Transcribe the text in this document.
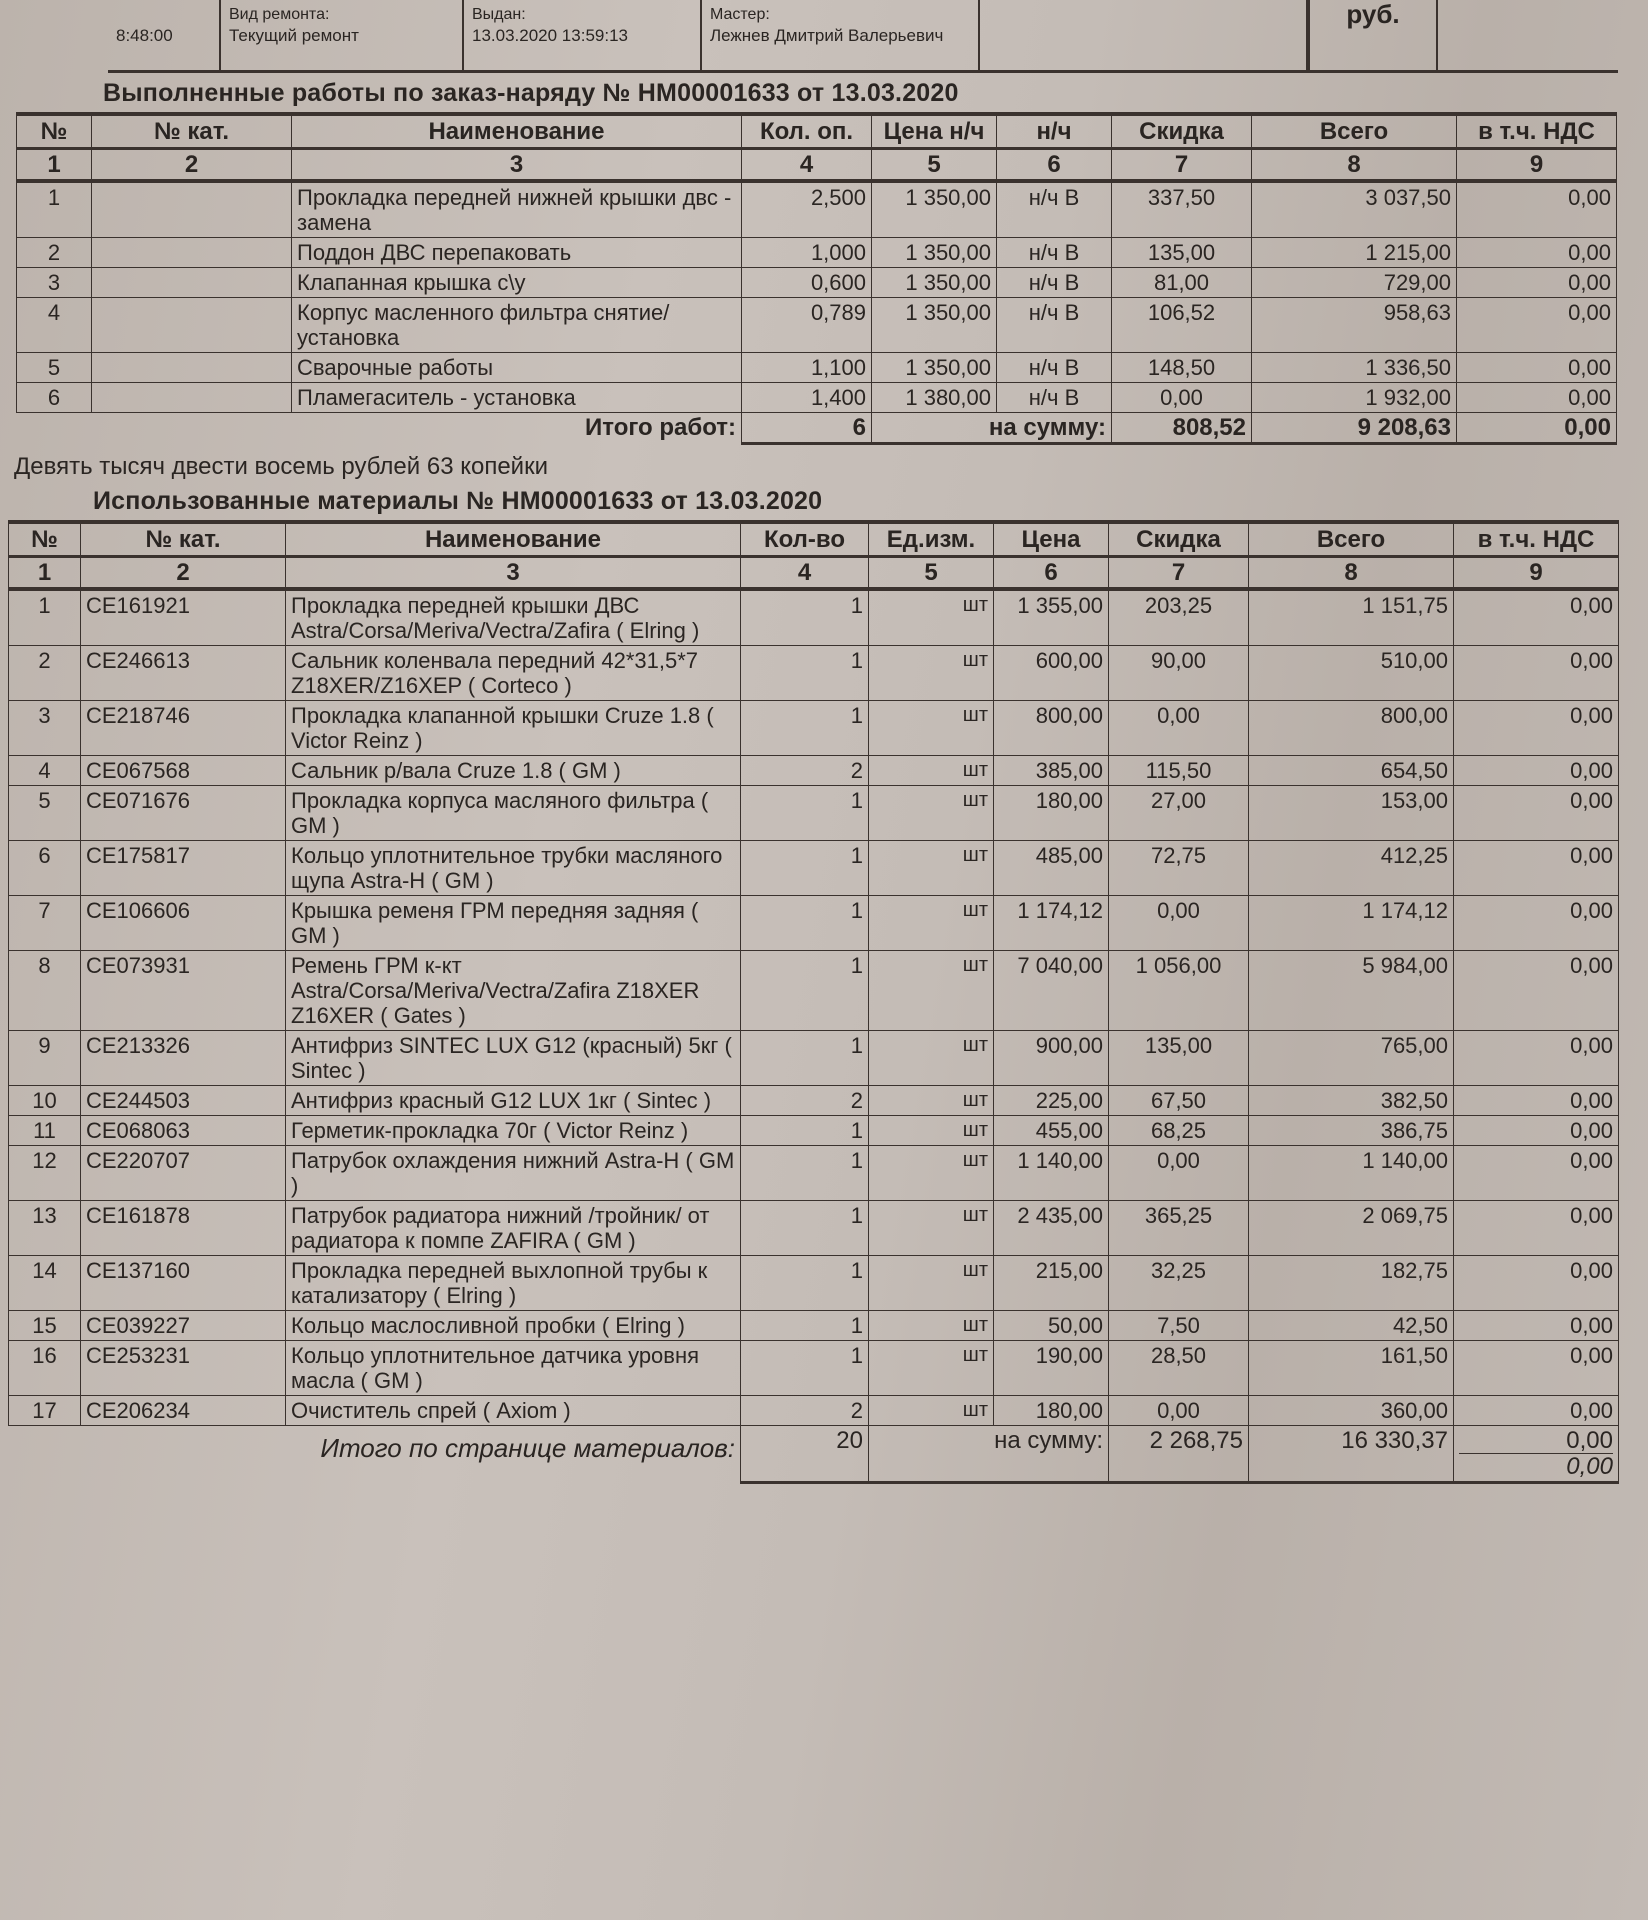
8:48:00
Вид ремонта:
Текущий ремонт
Выдан:
13.03.2020 13:59:13
Мастер:
Лежнев Дмитрий Валерьевич
руб.
Выполненные работы по заказ-наряду № НМ00001633 от 13.03.2020
№	№ кат.	Наименование	Кол. оп.	Цена н/ч	н/ч	Скидка	Всего	в т.ч. НДС
1	2	3	4	5	6	7	8	9
1		Прокладка передней нижней крышки двс - замена	2,500	1 350,00	н/ч В	337,50	3 037,50	0,00
2		Поддон ДВС перепаковать	1,000	1 350,00	н/ч В	135,00	1 215,00	0,00
3		Клапанная крышка с\у	0,600	1 350,00	н/ч В	81,00	729,00	0,00
4		Корпус масленного фильтра снятие/установка	0,789	1 350,00	н/ч В	106,52	958,63	0,00
5		Сварочные работы	1,100	1 350,00	н/ч В	148,50	1 336,50	0,00
6		Пламегаситель - установка	1,400	1 380,00	н/ч В	0,00	1 932,00	0,00
Итого работ:			6	на сумму:		808,52	9 208,63	0,00
Девять тысяч двести восемь рублей 63 копейки
Использованные материалы № НМ00001633 от 13.03.2020
№	№ кат.	Наименование	Кол-во	Ед.изм.	Цена	Скидка	Всего	в т.ч. НДС
1	2	3	4	5	6	7	8	9
1	CE161921	Прокладка передней крышки ДВС Astra/Corsa/Meriva/Vectra/Zafira ( Elring )	1	шт	1 355,00	203,25	1 151,75	0,00
2	CE246613	Сальник коленвала передний 42*31,5*7 Z18XER/Z16XEP ( Corteco )	1	шт	600,00	90,00	510,00	0,00
3	CE218746	Прокладка клапанной крышки Cruze 1.8 ( Victor Reinz )	1	шт	800,00	0,00	800,00	0,00
4	CE067568	Сальник р/вала Cruze 1.8 ( GM )	2	шт	385,00	115,50	654,50	0,00
5	CE071676	Прокладка корпуса масляного фильтра ( GM )	1	шт	180,00	27,00	153,00	0,00
6	CE175817	Кольцо уплотнительное трубки масляного щупа Astra-H ( GM )	1	шт	485,00	72,75	412,25	0,00
7	CE106606	Крышка ремeня ГРМ передняя задняя ( GM )	1	шт	1 174,12	0,00	1 174,12	0,00
8	CE073931	Ремень ГРМ к-кт Astra/Corsa/Meriva/Vectra/Zafira Z18XER Z16XER ( Gates )	1	шт	7 040,00	1 056,00	5 984,00	0,00
9	CE213326	Антифриз SINTEC LUX G12 (красный) 5кг ( Sintec )	1	шт	900,00	135,00	765,00	0,00
10	CE244503	Антифриз красный G12 LUX 1кг ( Sintec )	2	шт	225,00	67,50	382,50	0,00
11	CE068063	Герметик-прокладка 70г ( Victor Reinz )	1	шт	455,00	68,25	386,75	0,00
12	CE220707	Патрубок охлаждения нижний Astra-H ( GM )	1	шт	1 140,00	0,00	1 140,00	0,00
13	CE161878	Патрубок радиатора нижний /тройник/ от радиатора к помпе ZAFIRA ( GM )	1	шт	2 435,00	365,25	2 069,75	0,00
14	CE137160	Прокладка передней выхлопной трубы к катализатору ( Elring )	1	шт	215,00	32,25	182,75	0,00
15	CE039227	Кольцо маслосливной пробки ( Elring )	1	шт	50,00	7,50	42,50	0,00
16	CE253231	Кольцо уплотнительное датчика уровня масла ( GM )	1	шт	190,00	28,50	161,50	0,00
17	CE206234	Очиститель спрей ( Axiom )	2	шт	180,00	0,00	360,00	0,00
Итого по странице материалов:			20	на сумму:		2 268,75	16 330,37	0,00
0,00
